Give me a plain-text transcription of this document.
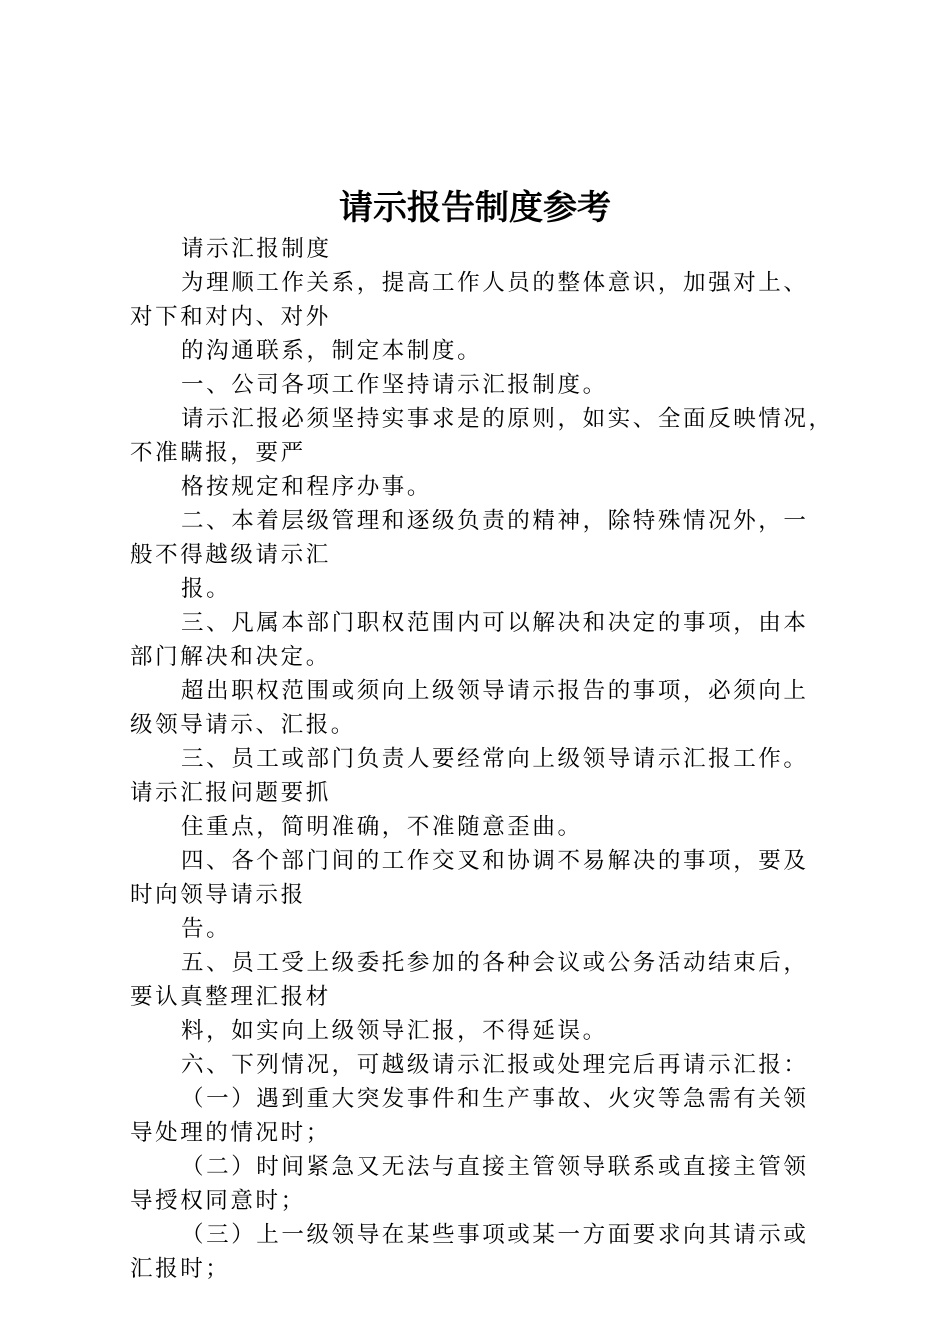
请示报告制度参考
请示汇报制度
为理顺工作关系，提高工作人员的整体意识，加强对上、
对下和对内、对外
的沟通联系，制定本制度。
一、公司各项工作坚持请示汇报制度。
请示汇报必须坚持实事求是的原则，如实、全面反映情况，
不准瞒报，要严
格按规定和程序办事。
二、本着层级管理和逐级负责的精神，除特殊情况外，一
般不得越级请示汇
报。
三、凡属本部门职权范围内可以解决和决定的事项，由本
部门解决和决定。
超出职权范围或须向上级领导请示报告的事项，必须向上
级领导请示、汇报。
三、员工或部门负责人要经常向上级领导请示汇报工作。
请示汇报问题要抓
住重点，简明准确，不准随意歪曲。
四、各个部门间的工作交叉和协调不易解决的事项，要及
时向领导请示报
告。
五、员工受上级委托参加的各种会议或公务活动结束后，
要认真整理汇报材
料，如实向上级领导汇报，不得延误。
六、下列情况，可越级请示汇报或处理完后再请示汇报：
（一）遇到重大突发事件和生产事故、火灾等急需有关领
导处理的情况时；
（二）时间紧急又无法与直接主管领导联系或直接主管领
导授权同意时；
（三）上一级领导在某些事项或某一方面要求向其请示或
汇报时；
